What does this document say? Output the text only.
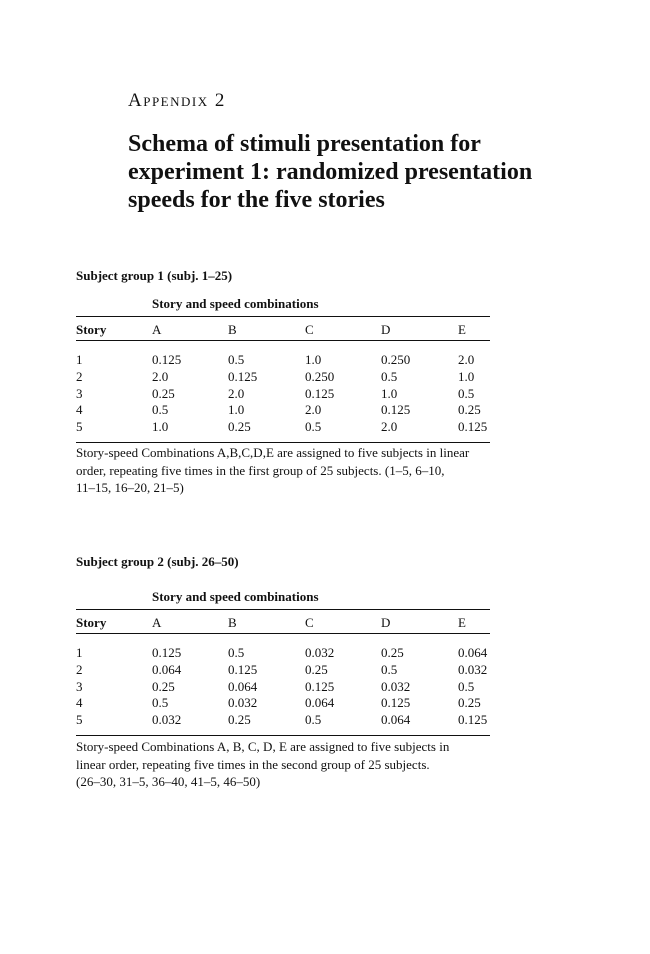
Appendix 2
Schema of stimuli presentation for experiment 1: randomized presentation speeds for the five stories
Subject group 1 (subj. 1–25)
Story and speed combinations
Story	A	B	C	D	E
1	0.125	0.5	1.0	0.250	2.0
2	2.0	0.125	0.250	0.5	1.0
3	0.25	2.0	0.125	1.0	0.5
4	0.5	1.0	2.0	0.125	0.25
5	1.0	0.25	0.5	2.0	0.125
Story-speed Combinations A,B,C,D,E are assigned to five subjects in linear
order, repeating five times in the first group of 25 subjects. (1–5, 6–10,
11–15, 16–20, 21–5)
Subject group 2 (subj. 26–50)
Story and speed combinations
Story	A	B	C	D	E
1	0.125	0.5	0.032	0.25	0.064
2	0.064	0.125	0.25	0.5	0.032
3	0.25	0.064	0.125	0.032	0.5
4	0.5	0.032	0.064	0.125	0.25
5	0.032	0.25	0.5	0.064	0.125
Story-speed Combinations A, B, C, D, E are assigned to five subjects in
linear order, repeating five times in the second group of 25 subjects.
(26–30, 31–5, 36–40, 41–5, 46–50)
